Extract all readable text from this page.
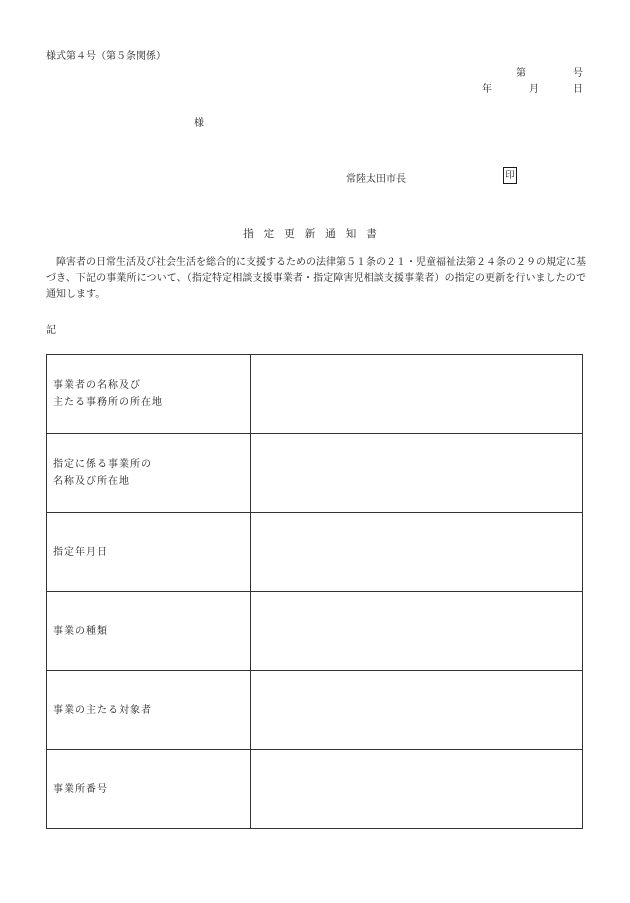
様式第４号（第５条関係）
第	号
年	月	日
様
常陸太田市長	印
指定更新通知書
　障害者の日常生活及び社会生活を総合的に支援するための法律第５１条の２１・児童福祉法第２４条の２９の規定に基づき、下記の事業所について、（指定特定相談支援事業者・指定障害児相談支援事業者）の指定の更新を行いましたので通知します。
記
事業者の名称及び
主たる事務所の所在地	

指定に係る事業所の
名称及び所在地	

指定年月日	

事業の種類	

事業の主たる対象者	

事業所番号	
